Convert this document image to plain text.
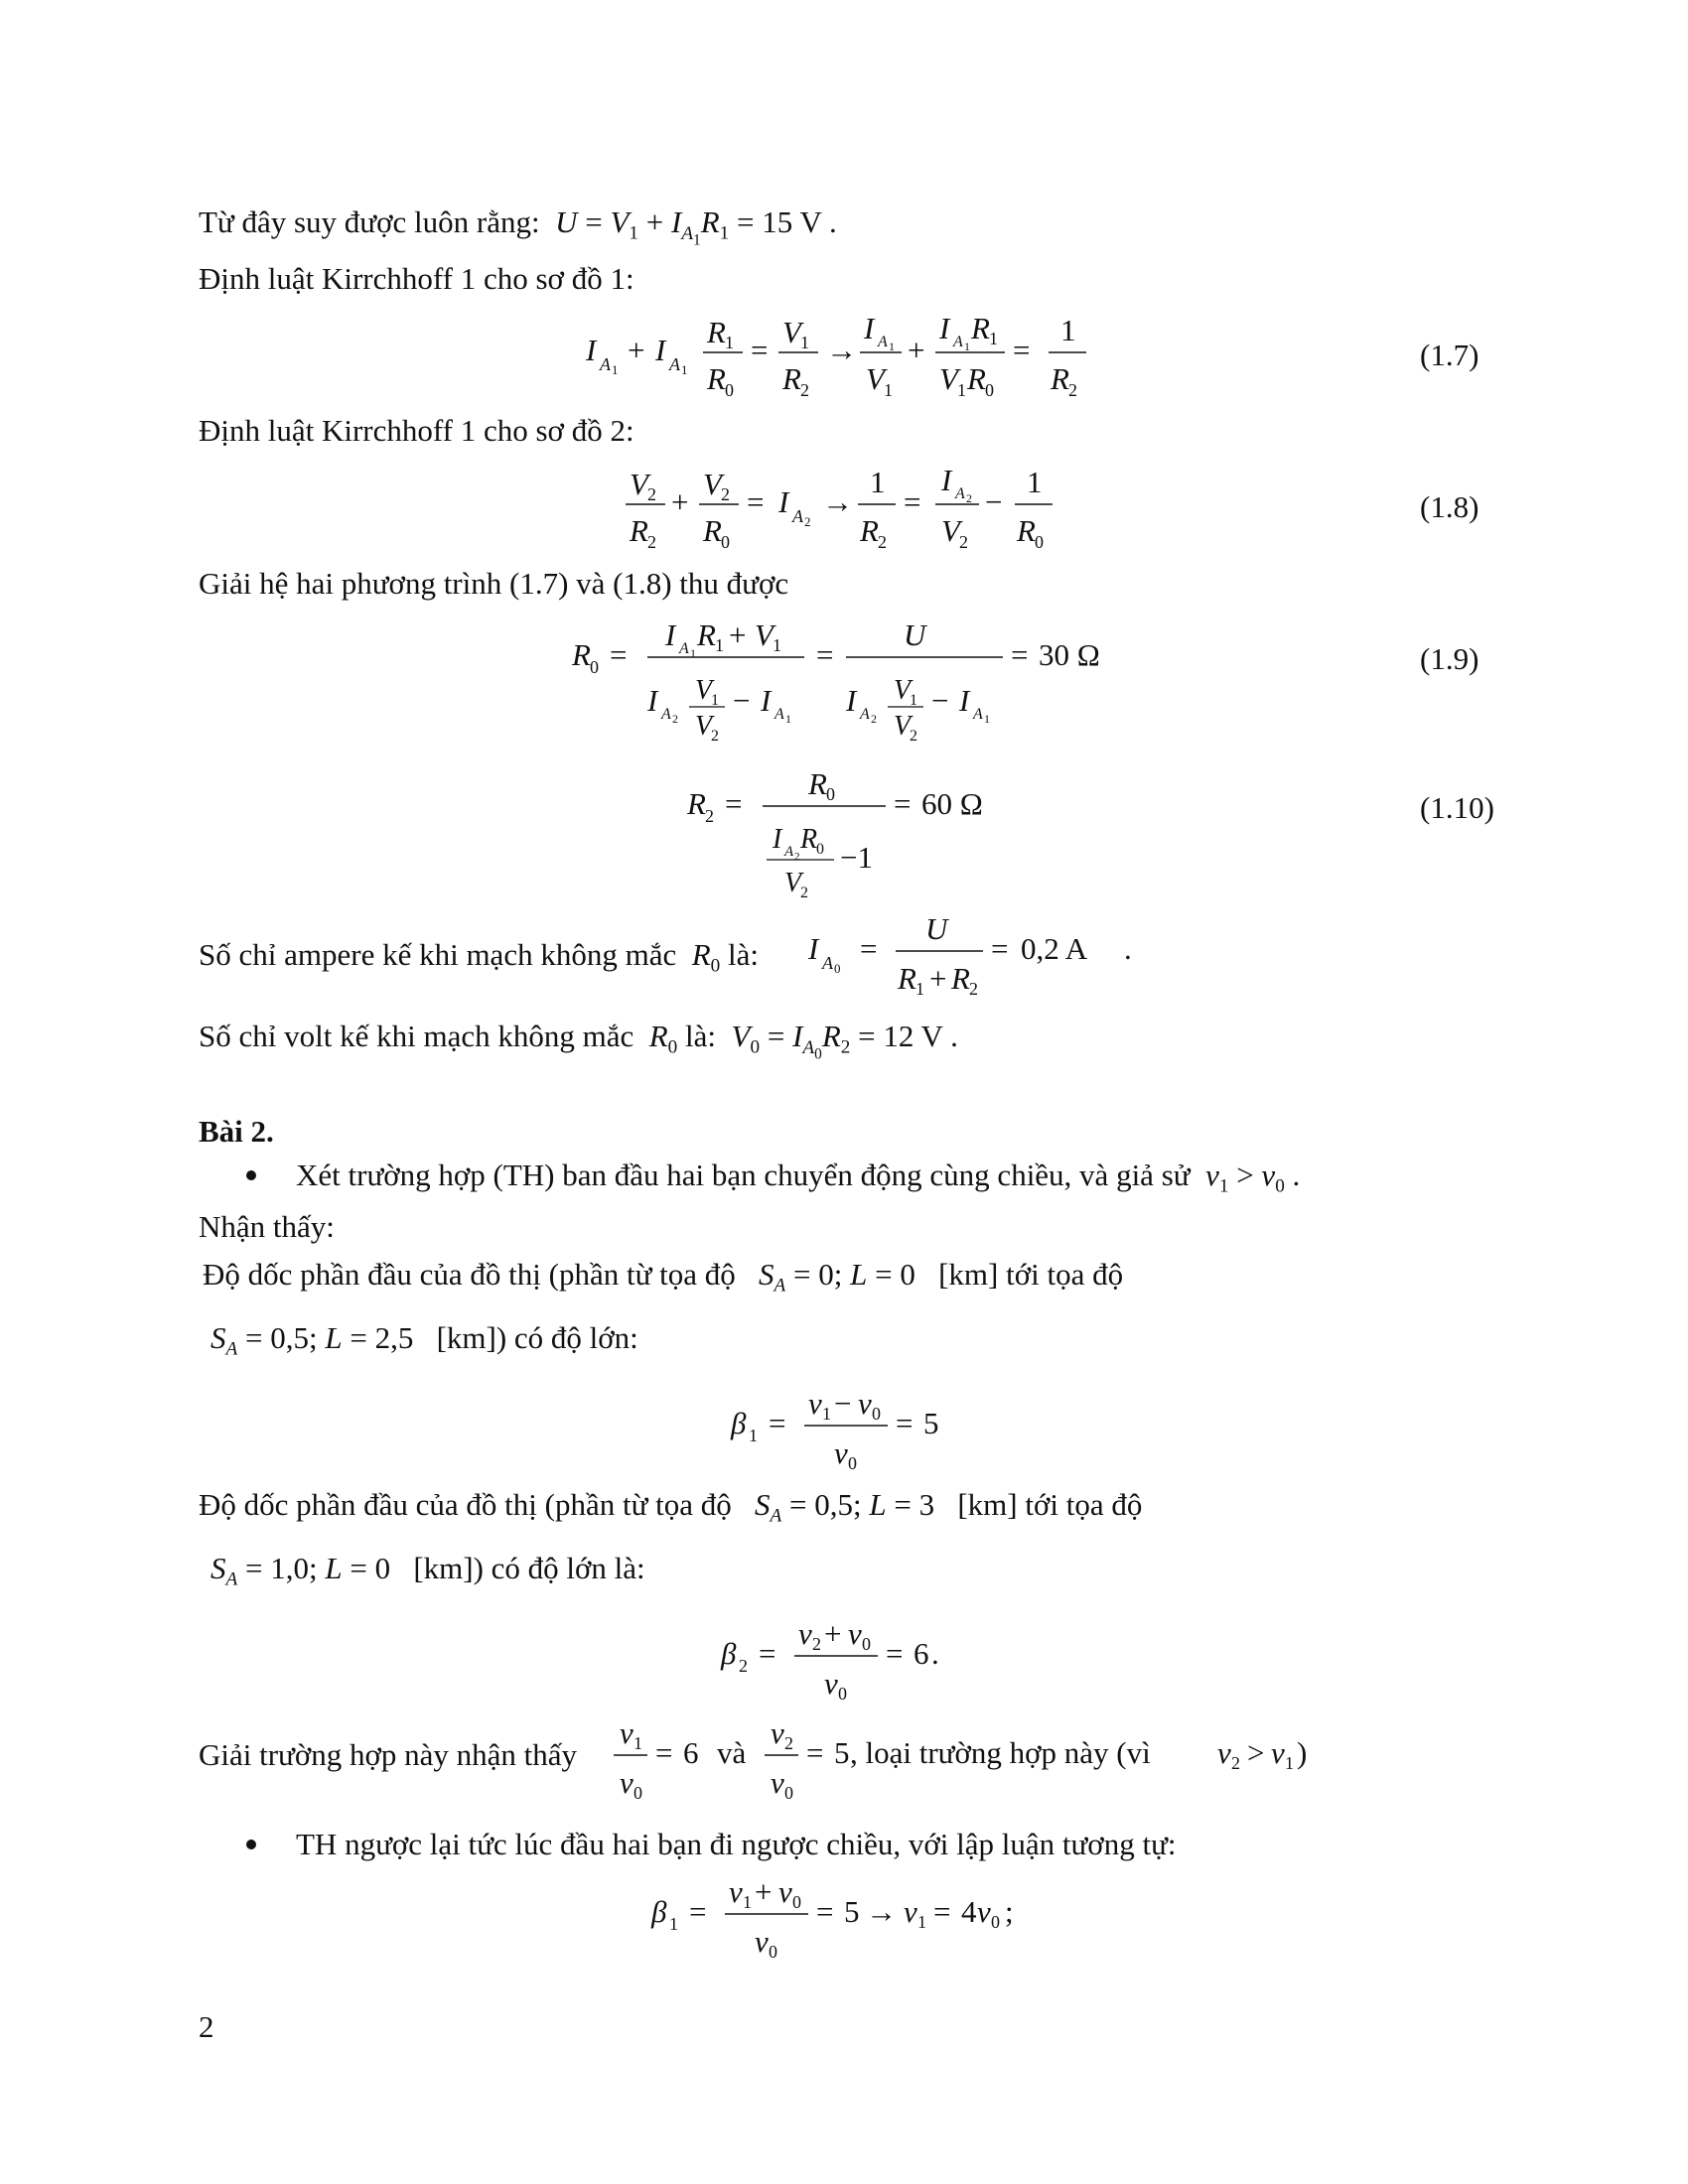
Từ đây suy được luôn rằng:  $U = V_1 + I_{A_1}R_1 = 15$ V .
Định luật Kirrchhoff 1 cho sơ đồ 1:
I A 1
+ I A 1
R 1
R 0
=
V 1
R 2
→
I A 1
V 1
+
I A 1
R 1
V 1 R 0
=
1
R 2
(1.7)
Định luật Kirrchhoff 1 cho sơ đồ 2:
V 2
R 2
+
V 2
R 0
= I A 2
→
1
R 2
=
I A 2
V 2
−
1
R 0
(1.8)
Giải hệ hai phương trình (1.7) và (1.8) thu được
R 0 =
I A 1
R 1 + V 1
I A 2
V
1
V
2
− I A 1
=
U
I A 2
V
1
V
2
− I A 1
= 30 Ω	(1.9)
R 2 =
R 0
I A 2
R
0
V
2
−1
= 60 Ω	(1.10)
Số chỉ ampere kế khi mạch không mắc  $R_0$ là: I A 0
=
U
R 1 + R 2
= 0,2 A .
Số chỉ volt kế khi mạch không mắc  $R_0$ là:  $V_0 = I_{A_0}R_2 = 12$ V .
Bài 2.
Xét trường hợp (TH) ban đầu hai bạn chuyển động cùng chiều, và giả sử  $v_1 > v_0$ .
Nhận thấy:
Độ dốc phần đầu của đồ thị (phần từ tọa độ   $S_A = 0$; L = 0 [km] tới tọa độ
$S_A = 0,5$; L = 2,5 [km]) có độ lớn:
β 1 =
v 1 − v 0
v 0
= 5
Độ dốc phần đầu của đồ thị (phần từ tọa độ   $S_A = 0,5$; L = 3 [km] tới tọa độ
$S_A = 1,0$; L = 0 [km]) có độ lớn là:
β 2 =
v 2 + v 0
v 0
= 6 .
Giải trường hợp này nhận thấy
v 1
v 0
= 6 và
v 2
v 0
= 5 , loại trường hợp này (vì v 2 > v 1 )
TH ngược lại tức lúc đầu hai bạn đi ngược chiều, với lập luận tương tự:
β 1 =
v 1 + v 0
v 0
= 5 → v 1 = 4 v 0 ;
2
